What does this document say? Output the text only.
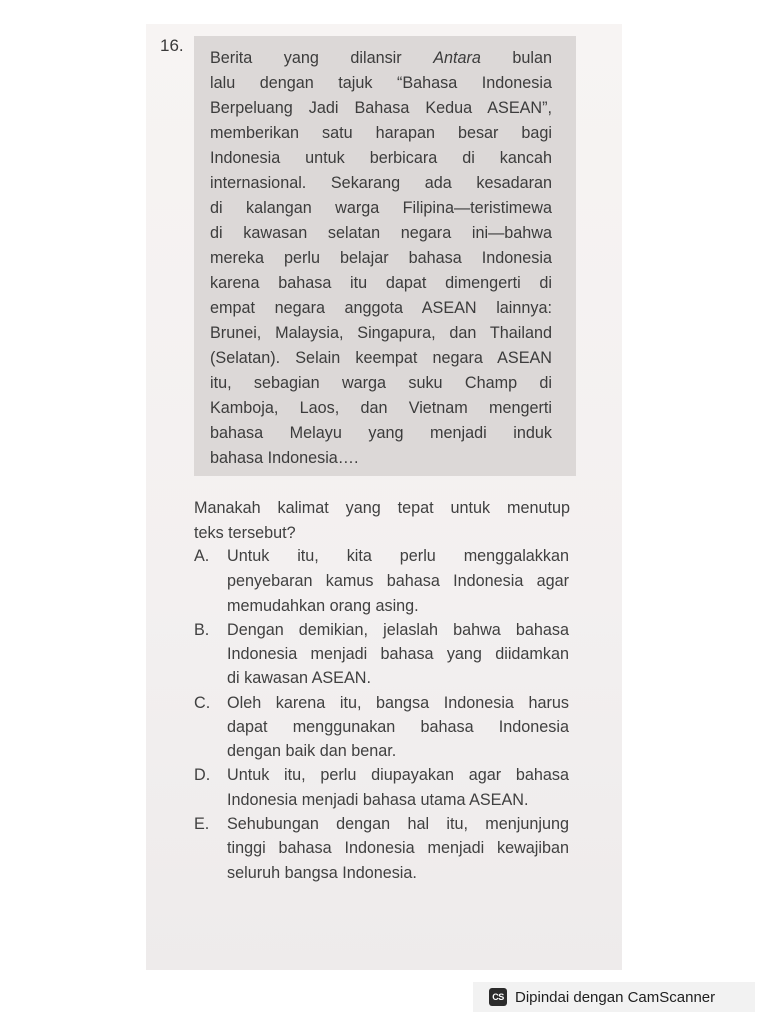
16.
Berita yang dilansir Antara bulan
lalu dengan tajuk “Bahasa Indonesia
Berpeluang Jadi Bahasa Kedua ASEAN”,
memberikan satu harapan besar bagi
Indonesia untuk berbicara di kancah
internasional. Sekarang ada kesadaran
di kalangan warga Filipina—teristimewa
di kawasan selatan negara ini—bahwa
mereka perlu belajar bahasa Indonesia
karena bahasa itu dapat dimengerti di
empat negara anggota ASEAN lainnya:
Brunei, Malaysia, Singapura, dan Thailand
(Selatan). Selain keempat negara ASEAN
itu, sebagian warga suku Champ di
Kamboja, Laos, dan Vietnam mengerti
bahasa Melayu yang menjadi induk
bahasa Indonesia….
Manakah kalimat yang tepat untuk menutup
teks tersebut?
A. Untuk itu, kita perlu menggalakkan
penyebaran kamus bahasa Indonesia agar
memudahkan orang asing.
B. Dengan demikian, jelaslah bahwa bahasa
Indonesia menjadi bahasa yang diidamkan
di kawasan ASEAN.
C. Oleh karena itu, bangsa Indonesia harus
dapat menggunakan bahasa Indonesia
dengan baik dan benar.
D. Untuk itu, perlu diupayakan agar bahasa
Indonesia menjadi bahasa utama ASEAN.
E. Sehubungan dengan hal itu, menjunjung
tinggi bahasa Indonesia menjadi kewajiban
seluruh bangsa Indonesia.
CS Dipindai dengan CamScanner
